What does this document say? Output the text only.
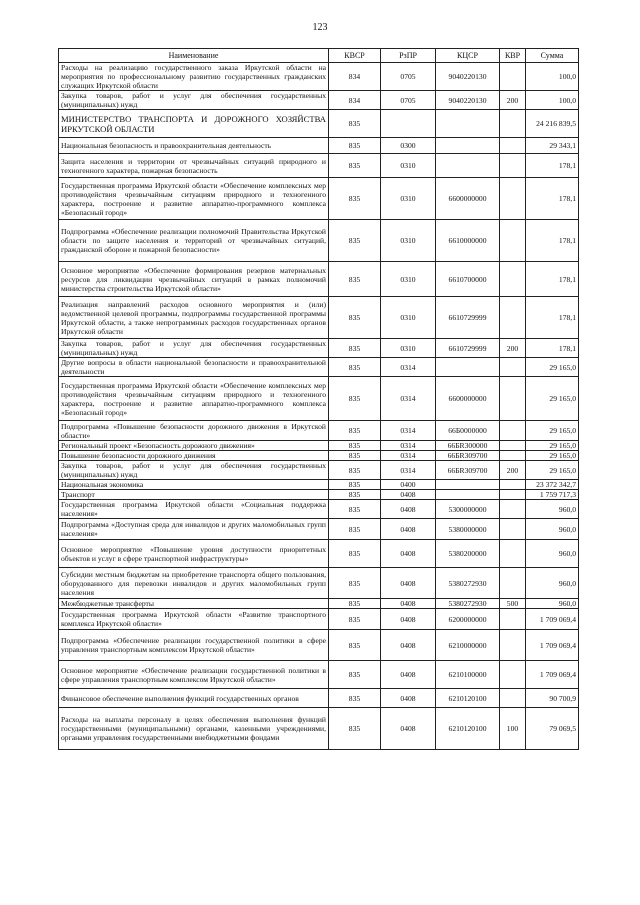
123
Наименование	КВСР	РзПР	КЦСР	КВР	Сумма
Расходы на реализацию государственного заказа Иркутской области на мероприятия по профессиональному развитию государственных гражданских служащих Иркутской области	834	0705	9040220130		100,0
Закупка товаров, работ и услуг для обеспечения государственных (муниципальных) нужд	834	0705	9040220130	200	100,0
МИНИСТЕРСТВО ТРАНСПОРТА И ДОРОЖНОГО ХОЗЯЙСТВА ИРКУТСКОЙ ОБЛАСТИ	835				24 216 839,5
Национальная безопасность и правоохранительная деятельность	835	0300			29 343,1
Защита населения и территории от чрезвычайных ситуаций природного и техногенного характера, пожарная безопасность	835	0310			178,1
Государственная программа Иркутской области «Обеспечение комплексных мер противодействия чрезвычайным ситуациям природного и техногенного характера, построение и развитие аппаратно-программного комплекса «Безопасный город»	835	0310	6600000000		178,1
Подпрограмма «Обеспечение реализации полномочий Правительства Иркутской области по защите населения и территорий от чрезвычайных ситуаций, гражданской обороне и пожарной безопасности»	835	0310	6610000000		178,1
Основное мероприятие «Обеспечение формирования резервов материальных ресурсов для ликвидации чрезвычайных ситуаций в рамках полномочий министерства строительства Иркутской области»	835	0310	6610700000		178,1
Реализация направлений расходов основного мероприятия и (или) ведомственной целевой программы, подпрограммы государственной программы Иркутской области, а также непрограммных расходов государственных органов Иркутской области	835	0310	6610729999		178,1
Закупка товаров, работ и услуг для обеспечения государственных (муниципальных) нужд	835	0310	6610729999	200	178,1
Другие вопросы в области национальной безопасности и правоохранительной деятельности	835	0314			29 165,0
Государственная программа Иркутской области «Обеспечение комплексных мер противодействия чрезвычайным ситуациям природного и техногенного характера, построение и развитие аппаратно-программного комплекса «Безопасный город»	835	0314	6600000000		29 165,0
Подпрограмма «Повышение безопасности дорожного движения в Иркутской области»	835	0314	66Б0000000		29 165,0
Региональный проект «Безопасность дорожного движения»	835	0314	66БR300000		29 165,0
Повышение безопасности дорожного движения	835	0314	66БR309700		29 165,0
Закупка товаров, работ и услуг для обеспечения государственных (муниципальных) нужд	835	0314	66БR309700	200	29 165,0
Национальная экономика	835	0400			23 372 342,7
Транспорт	835	0408			1 759 717,3
Государственная программа Иркутской области «Социальная поддержка населения»	835	0408	5300000000		960,0
Подпрограмма «Доступная среда для инвалидов и других маломобильных групп населения»	835	0408	5380000000		960,0
Основное мероприятие «Повышение уровня доступности приоритетных объектов и услуг в сфере транспортной инфраструктуры»	835	0408	5380200000		960,0
Субсидии местным бюджетам на приобретение транспорта общего пользования, оборудованного для перевозки инвалидов и других маломобильных групп населения	835	0408	5380272930		960,0
Межбюджетные трансферты	835	0408	5380272930	500	960,0
Государственная программа Иркутской области «Развитие транспортного комплекса Иркутской области»	835	0408	6200000000		1 709 069,4
Подпрограмма «Обеспечение реализации государственной политики в сфере управления транспортным комплексом Иркутской области»	835	0408	6210000000		1 709 069,4
Основное мероприятие «Обеспечение реализации государственной политики в сфере управления транспортным комплексом Иркутской области»	835	0408	6210100000		1 709 069,4
Финансовое обеспечение выполнения функций государственных органов	835	0408	6210120100		90 700,9
Расходы на выплаты персоналу в целях обеспечения выполнения функций государственными (муниципальными) органами, казенными учреждениями, органами управления государственными внебюджетными фондами	835	0408	6210120100	100	79 069,5
